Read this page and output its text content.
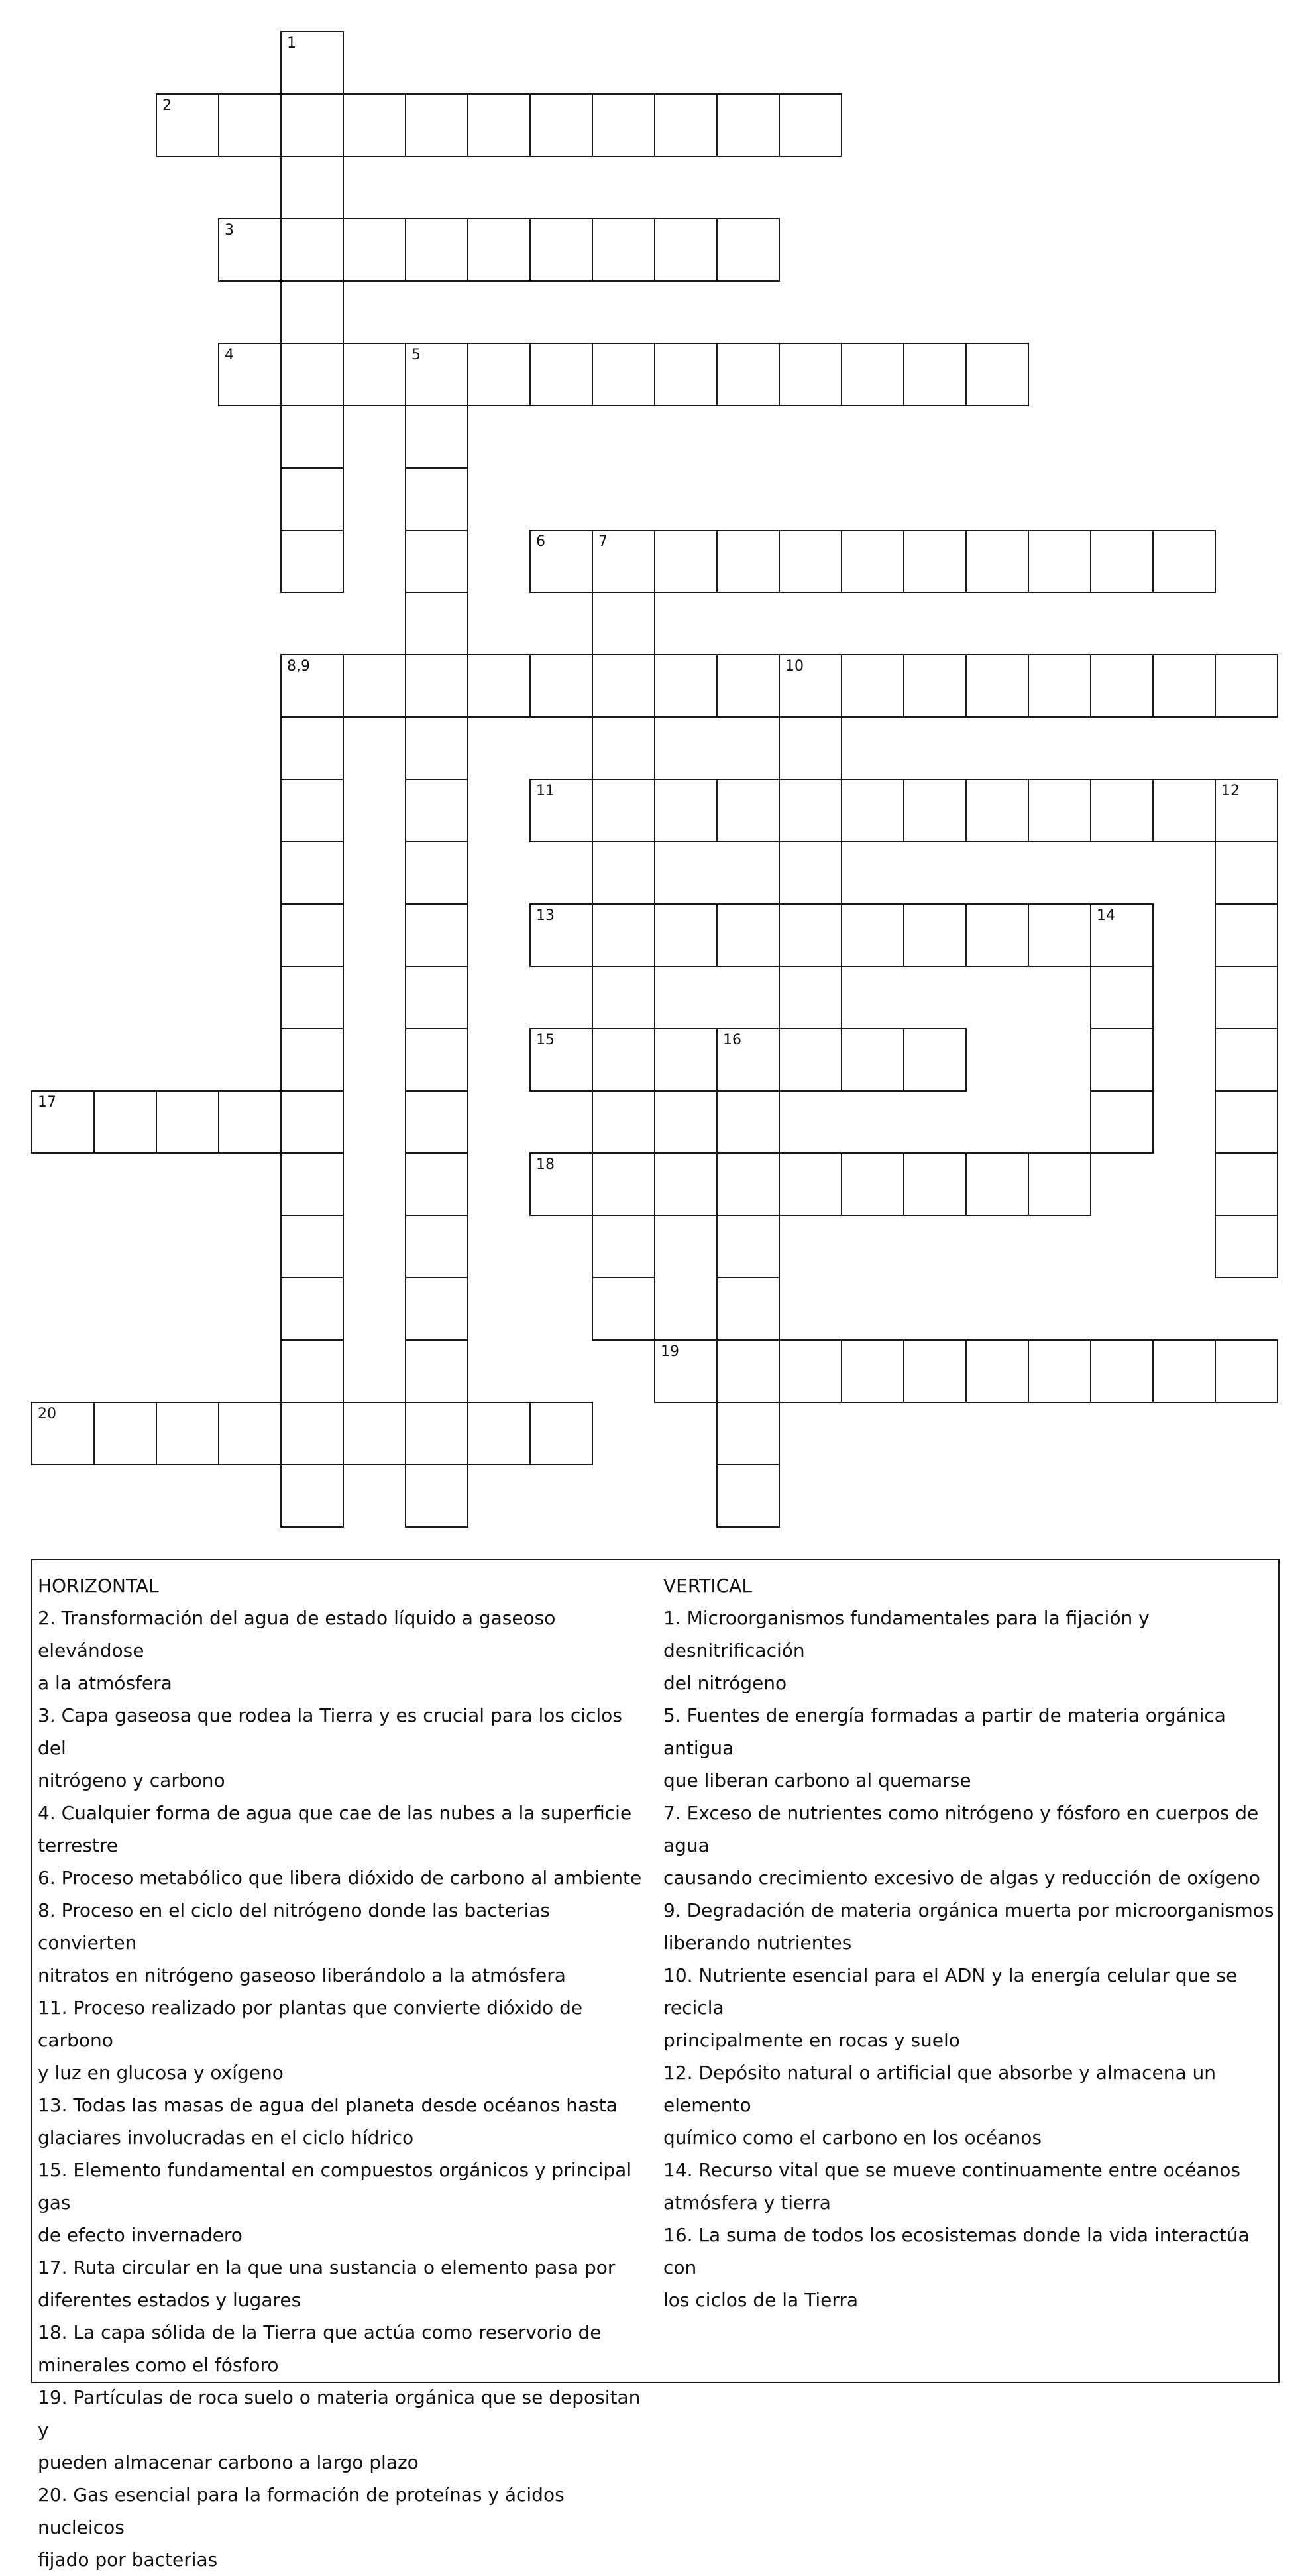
1
2
3
4	5
6	7
8,9	10
11	12
13	14
15	16
17
18
19
20

HORIZONTAL

2. Transformación del agua de estado líquido a gaseoso elevándose

a la atmósfera

3. Capa gaseosa que rodea la Tierra y es crucial para los ciclos del

nitrógeno y carbono

4. Cualquier forma de agua que cae de las nubes a la superficie

terrestre

6. Proceso metabólico que libera dióxido de carbono al ambiente

8. Proceso en el ciclo del nitrógeno donde las bacterias convierten

nitratos en nitrógeno gaseoso liberándolo a la atmósfera

11. Proceso realizado por plantas que convierte dióxido de carbono

y luz en glucosa y oxígeno

13. Todas las masas de agua del planeta desde océanos hasta

glaciares involucradas en el ciclo hídrico

15. Elemento fundamental en compuestos orgánicos y principal gas

de efecto invernadero

17. Ruta circular en la que una sustancia o elemento pasa por

diferentes estados y lugares

18. La capa sólida de la Tierra que actúa como reservorio de

minerales como el fósforo

19. Partículas de roca suelo o materia orgánica que se depositan y

pueden almacenar carbono a largo plazo

20. Gas esencial para la formación de proteínas y ácidos nucleicos

fijado por bacterias

VERTICAL

1. Microorganismos fundamentales para la fijación y desnitrificación

del nitrógeno

5. Fuentes de energía formadas a partir de materia orgánica antigua

que liberan carbono al quemarse

7. Exceso de nutrientes como nitrógeno y fósforo en cuerpos de agua

causando crecimiento excesivo de algas y reducción de oxígeno

9. Degradación de materia orgánica muerta por microorganismos

liberando nutrientes

10. Nutriente esencial para el ADN y la energía celular que se recicla

principalmente en rocas y suelo

12. Depósito natural o artificial que absorbe y almacena un elemento

químico como el carbono en los océanos

14. Recurso vital que se mueve continuamente entre océanos

atmósfera y tierra

16. La suma de todos los ecosistemas donde la vida interactúa con

los ciclos de la Tierra
